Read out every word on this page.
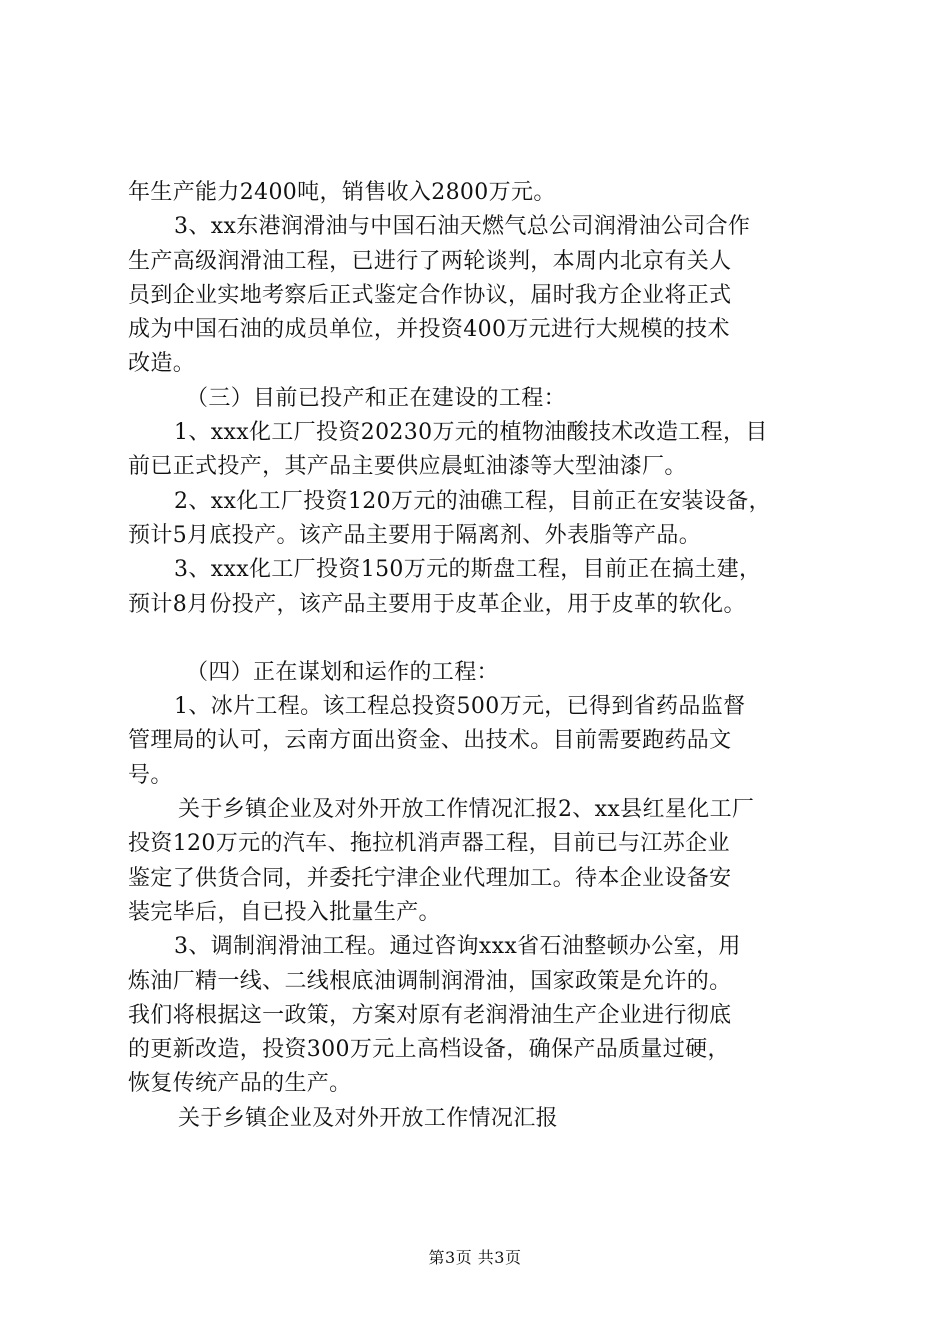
年生产能力2400吨，销售收入2800万元。
3、xx东港润滑油与中国石油天燃气总公司润滑油公司合作
生产高级润滑油工程，已进行了两轮谈判，本周内北京有关人
员到企业实地考察后正式鉴定合作协议，届时我方企业将正式
成为中国石油的成员单位，并投资400万元进行大规模的技术
改造。
（三）目前已投产和正在建设的工程：
1、xxx化工厂投资20230万元的植物油酸技术改造工程，目
前已正式投产，其产品主要供应晨虹油漆等大型油漆厂。
2、xx化工厂投资120万元的油礁工程，目前正在安装设备，
预计5月底投产。该产品主要用于隔离剂、外表脂等产品。
3、xxx化工厂投资150万元的斯盘工程，目前正在搞土建，
预计8月份投产，该产品主要用于皮革企业，用于皮革的软化。
（四）正在谋划和运作的工程：
1、冰片工程。该工程总投资500万元，已得到省药品监督
管理局的认可，云南方面出资金、出技术。目前需要跑药品文
号。
关于乡镇企业及对外开放工作情况汇报2、xx县红星化工厂
投资120万元的汽车、拖拉机消声器工程，目前已与江苏企业
鉴定了供货合同，并委托宁津企业代理加工。待本企业设备安
装完毕后，自已投入批量生产。
3、调制润滑油工程。通过咨询xxx省石油整顿办公室，用
炼油厂精一线、二线根底油调制润滑油，国家政策是允许的。
我们将根据这一政策，方案对原有老润滑油生产企业进行彻底
的更新改造，投资300万元上高档设备，确保产品质量过硬，
恢复传统产品的生产。
关于乡镇企业及对外开放工作情况汇报
第3页 共3页
